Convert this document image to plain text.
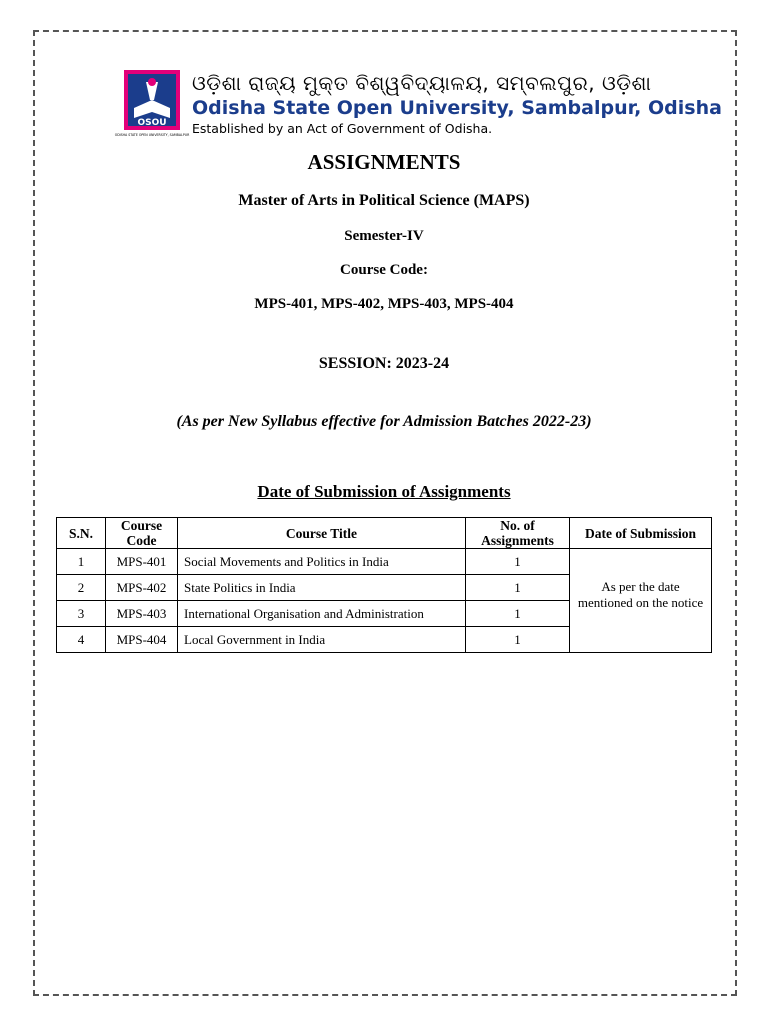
OSOU
ODISHA STATE OPEN UNIVERSITY, SAMBALPUR
ଓଡ଼ିଶା ରାଜ୍ୟ ମୁକ୍ତ ବିଶ୍ୱବିଦ୍ୟାଳୟ, ସମ୍ବଲପୁର, ଓଡ଼ିଶା
Odisha State Open University, Sambalpur, Odisha
Established by an Act of Government of Odisha.
ASSIGNMENTS
Master of Arts in Political Science (MAPS)
Semester-IV
Course Code:
MPS-401, MPS-402, MPS-403, MPS-404
SESSION: 2023-24
(As per New Syllabus effective for Admission Batches 2022-23)
Date of Submission of Assignments
S.N.	Course Code	Course Title	No. of Assignments	Date of Submission
1	MPS-401	Social Movements and Politics in India	1	As per the date mentioned on the notice
2	MPS-402	State Politics in India	1	
3	MPS-403	International Organisation and Administration	1	
4	MPS-404	Local Government in India	1	
